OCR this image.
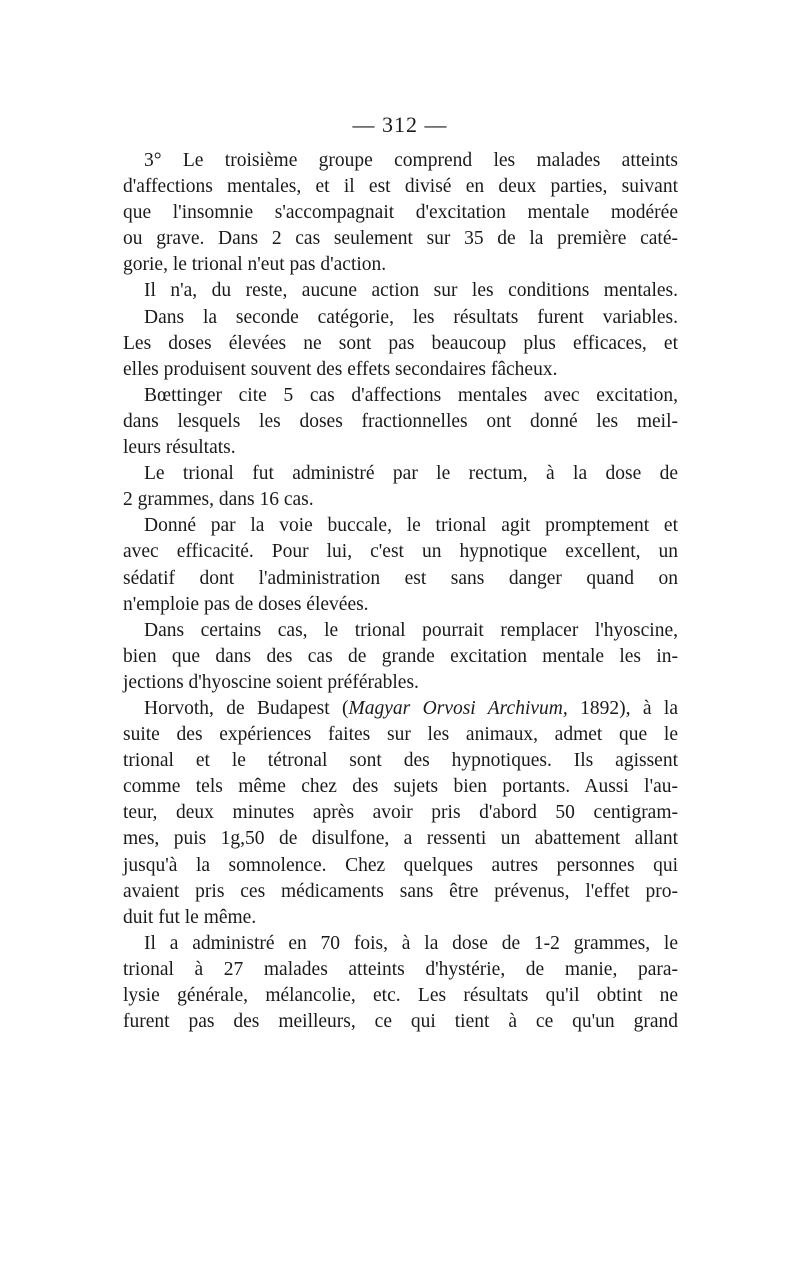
— 312 —
3° Le troisième groupe comprend les malades atteints
d'affections mentales, et il est divisé en deux parties, suivant
que l'insomnie s'accompagnait d'excitation mentale modérée
ou grave. Dans 2 cas seulement sur 35 de la première caté-
gorie, le trional n'eut pas d'action.
Il n'a, du reste, aucune action sur les conditions mentales.
Dans la seconde catégorie, les résultats furent variables.
Les doses élevées ne sont pas beaucoup plus efficaces, et
elles produisent souvent des effets secondaires fâcheux.
Bœttinger cite 5 cas d'affections mentales avec excitation,
dans lesquels les doses fractionnelles ont donné les meil-
leurs résultats.
Le trional fut administré par le rectum, à la dose de
2 grammes, dans 16 cas.
Donné par la voie buccale, le trional agit promptement et
avec efficacité. Pour lui, c'est un hypnotique excellent, un
sédatif dont l'administration est sans danger quand on
n'emploie pas de doses élevées.
Dans certains cas, le trional pourrait remplacer l'hyoscine,
bien que dans des cas de grande excitation mentale les in-
jections d'hyoscine soient préférables.
Horvoth, de Budapest (Magyar Orvosi Archivum, 1892), à la
suite des expériences faites sur les animaux, admet que le
trional et le tétronal sont des hypnotiques. Ils agissent
comme tels même chez des sujets bien portants. Aussi l'au-
teur, deux minutes après avoir pris d'abord 50 centigram-
mes, puis 1g,50 de disulfone, a ressenti un abattement allant
jusqu'à la somnolence. Chez quelques autres personnes qui
avaient pris ces médicaments sans être prévenus, l'effet pro-
duit fut le même.
Il a administré en 70 fois, à la dose de 1-2 grammes, le
trional à 27 malades atteints d'hystérie, de manie, para-
lysie générale, mélancolie, etc. Les résultats qu'il obtint ne
furent pas des meilleurs, ce qui tient à ce qu'un grand
